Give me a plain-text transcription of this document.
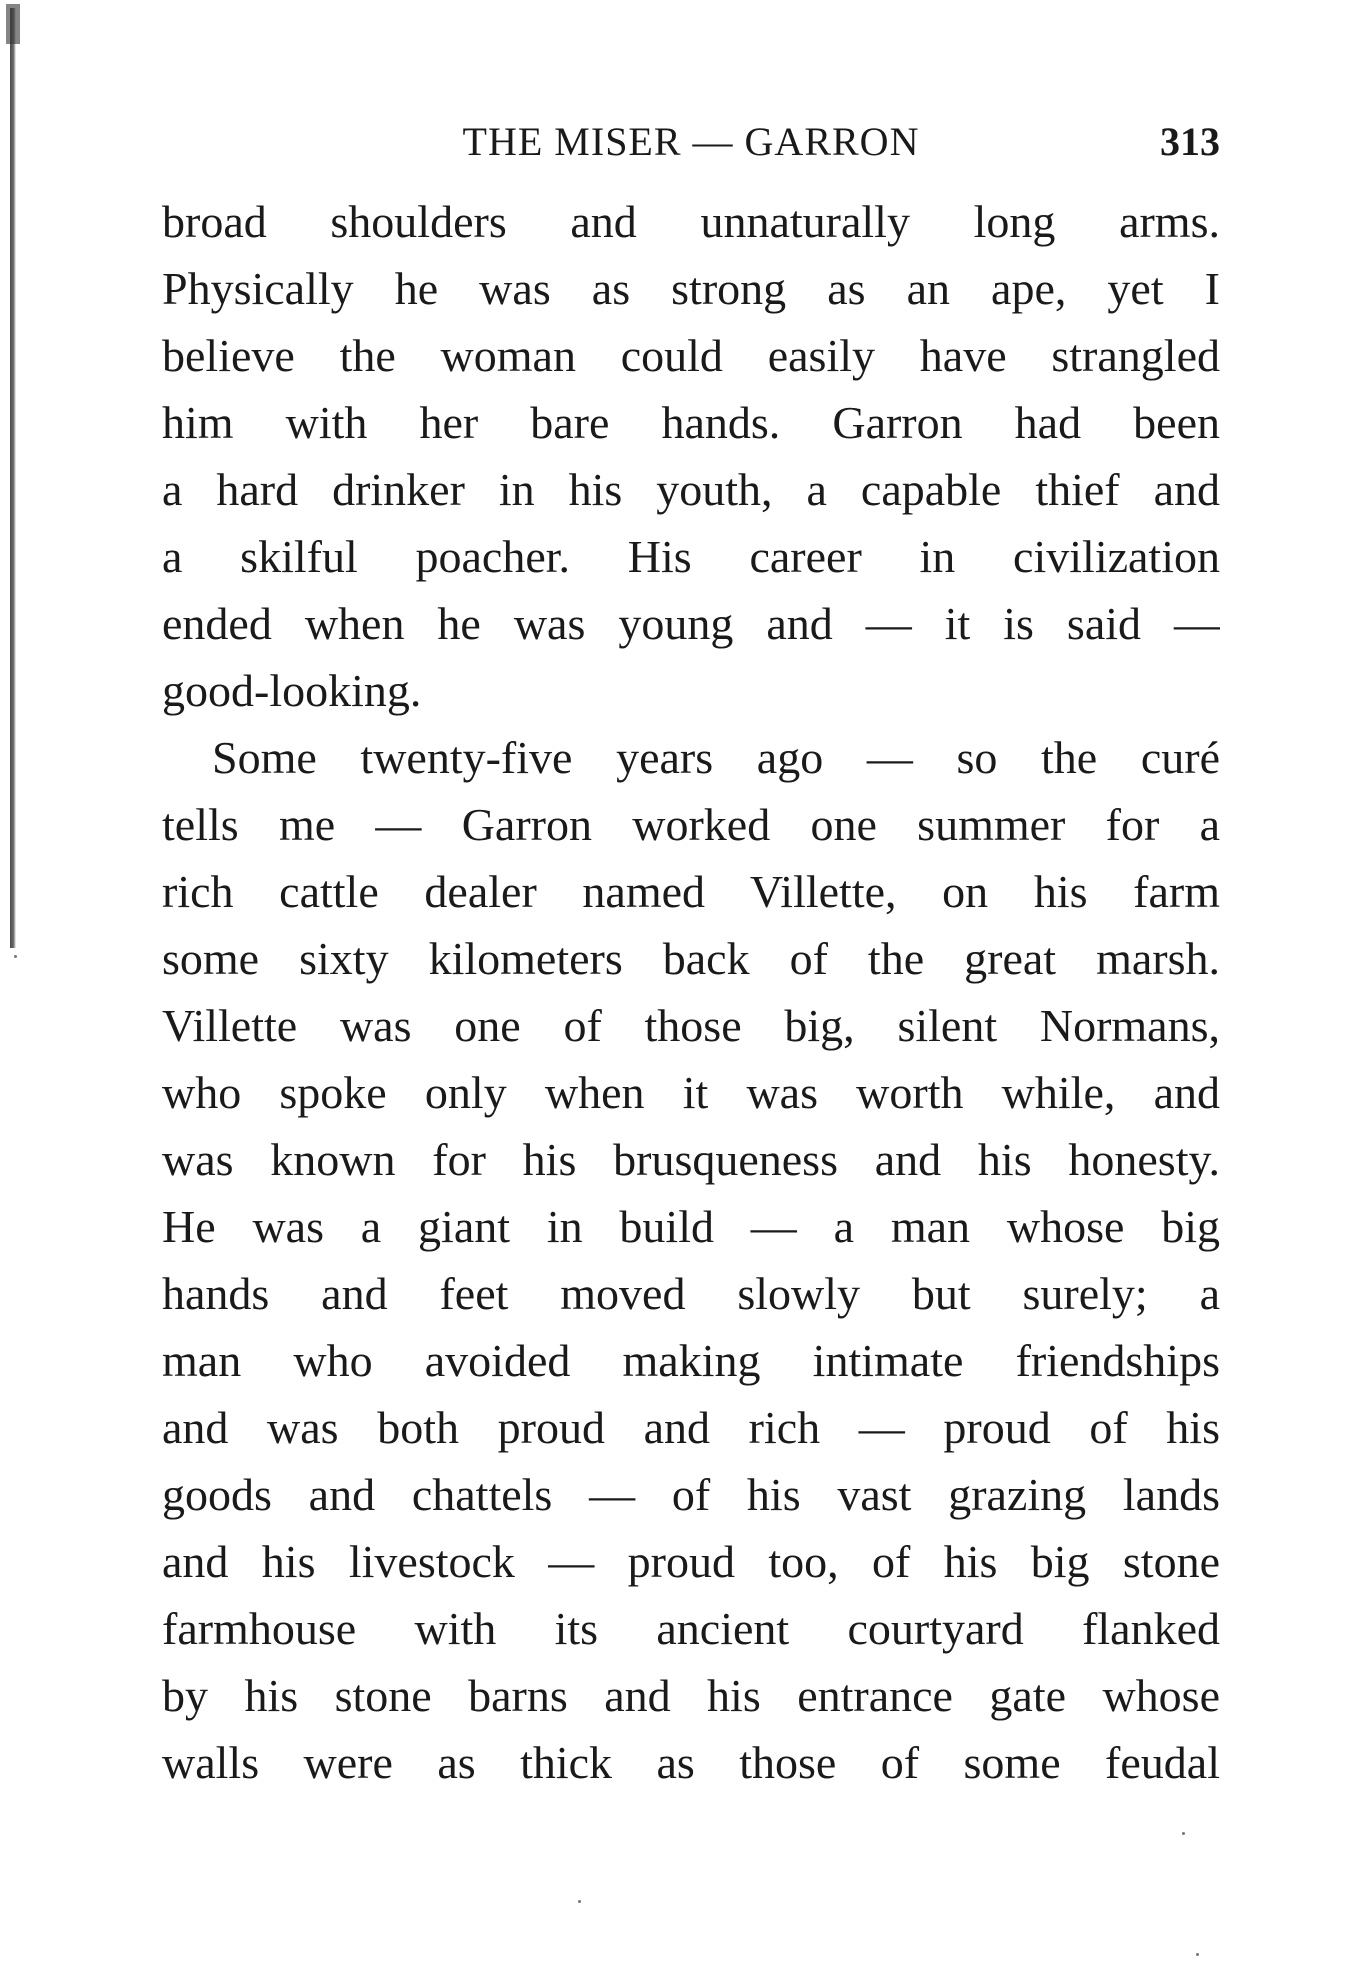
THE MISER — GARRON	313
broad shoulders and unnaturally long arms.
Physically he was as strong as an ape, yet I
believe the woman could easily have strangled
him with her bare hands. Garron had been
a hard drinker in his youth, a capable thief and
a skilful poacher. His career in civilization
ended when he was young and — it is said —
good-looking.
Some twenty-five years ago — so the curé
tells me — Garron worked one summer for a
rich cattle dealer named Villette, on his farm
some sixty kilometers back of the great marsh.
Villette was one of those big, silent Normans,
who spoke only when it was worth while, and
was known for his brusqueness and his honesty.
He was a giant in build — a man whose big
hands and feet moved slowly but surely; a
man who avoided making intimate friendships
and was both proud and rich — proud of his
goods and chattels — of his vast grazing lands
and his livestock — proud too, of his big stone
farmhouse with its ancient courtyard flanked
by his stone barns and his entrance gate whose
walls were as thick as those of some feudal
